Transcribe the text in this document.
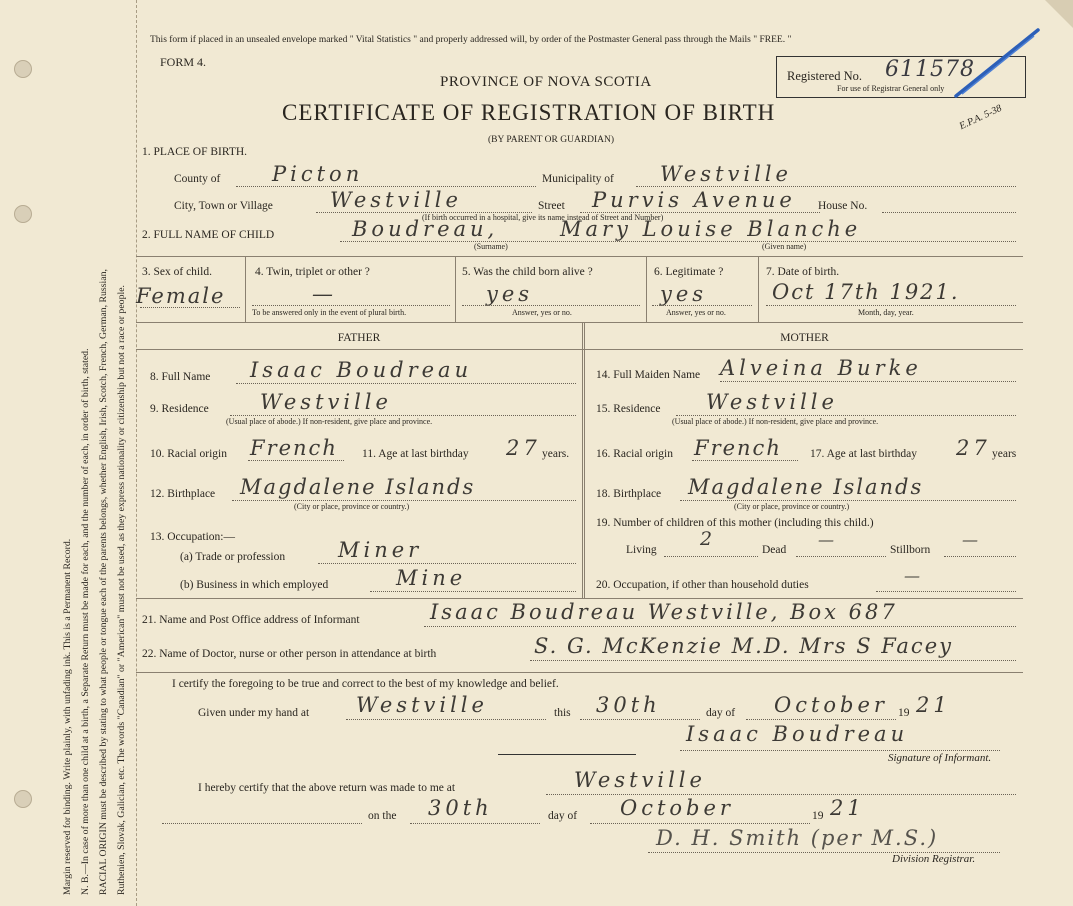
Margin reserved for binding. Write plainly, with unfading ink. This is a Permanent Record. N. B.—In case of more than one child at a birth, a Separate Return must be made for each, and the number of each, in order of birth, stated. RACIAL ORIGIN must be described by stating to what people or tongue each of the parents belongs, whether English, Irish, Scotch, French, German, Russian, Ruthenien, Slovak, Galician, etc. The words "Canadian" or "American" must not be used, as they express nationality or citizenship but not a race or people.
This form if placed in an unsealed envelope marked " Vital Statistics " and properly addressed will, by order of the Postmaster General pass through the Mails " FREE. "
FORM 4.
PROVINCE OF NOVA SCOTIA
CERTIFICATE OF REGISTRATION OF BIRTH
(BY PARENT OR GUARDIAN)
Registered No. 611578
For use of Registrar General only
E.P.A. 5-38
1. PLACE OF BIRTH.
County of Picton	Municipality of Westville
City, Town or Village	Westville	Street Purvis Avenue House No.
(If birth occurred in a hospital, give its name instead of Street and Number)
2. FULL NAME OF CHILD	Boudreau,	Mary Louise Blanche
(Surname)	(Given name)
3. Sex of child.
Female
4. Twin, triplet or other ?
—
To be answered only in the event of plural birth.
5. Was the child born alive ?
yes
Answer, yes or no.
6. Legitimate ?
yes
Answer, yes or no.
7. Date of birth.
Oct 17th 1921.
Month, day, year.
FATHER	MOTHER
8. Full Name Isaac Boudreau
9. Residence Westville
(Usual place of abode.) If non-resident, give place and province.
10. Racial origin French 11. Age at last birthday 27 years.
12. Birthplace Magdalene Islands
(City or place, province or country.)
13. Occupation:—
(a) Trade or profession	Miner
(b) Business in which employed	Mine
14. Full Maiden Name Alveina Burke
15. Residence Westville
(Usual place of abode.) If non-resident, give place and province.
16. Racial origin French 17. Age at last birthday 27 years
18. Birthplace Magdalene Islands
(City or place, province or country.)
19. Number of children of this mother (including this child.)
Living 2	Dead
—
Stillborn
—
20. Occupation, if other than household duties	—
21. Name and Post Office address of Informant	Isaac Boudreau Westville, Box 687
22. Name of Doctor, nurse or other person in attendance at birth	S. G. McKenzie M.D. Mrs S Facey
I certify the foregoing to be true and correct to the best of my knowledge and belief.
Given under my hand at Westville	this 30th	day of October 19 21
Isaac Boudreau
Signature of Informant.
I hereby certify that the above return was made to me at	Westville
on the 30th	day of October	19 21
D. H. Smith (per M.S.)
Division Registrar.
